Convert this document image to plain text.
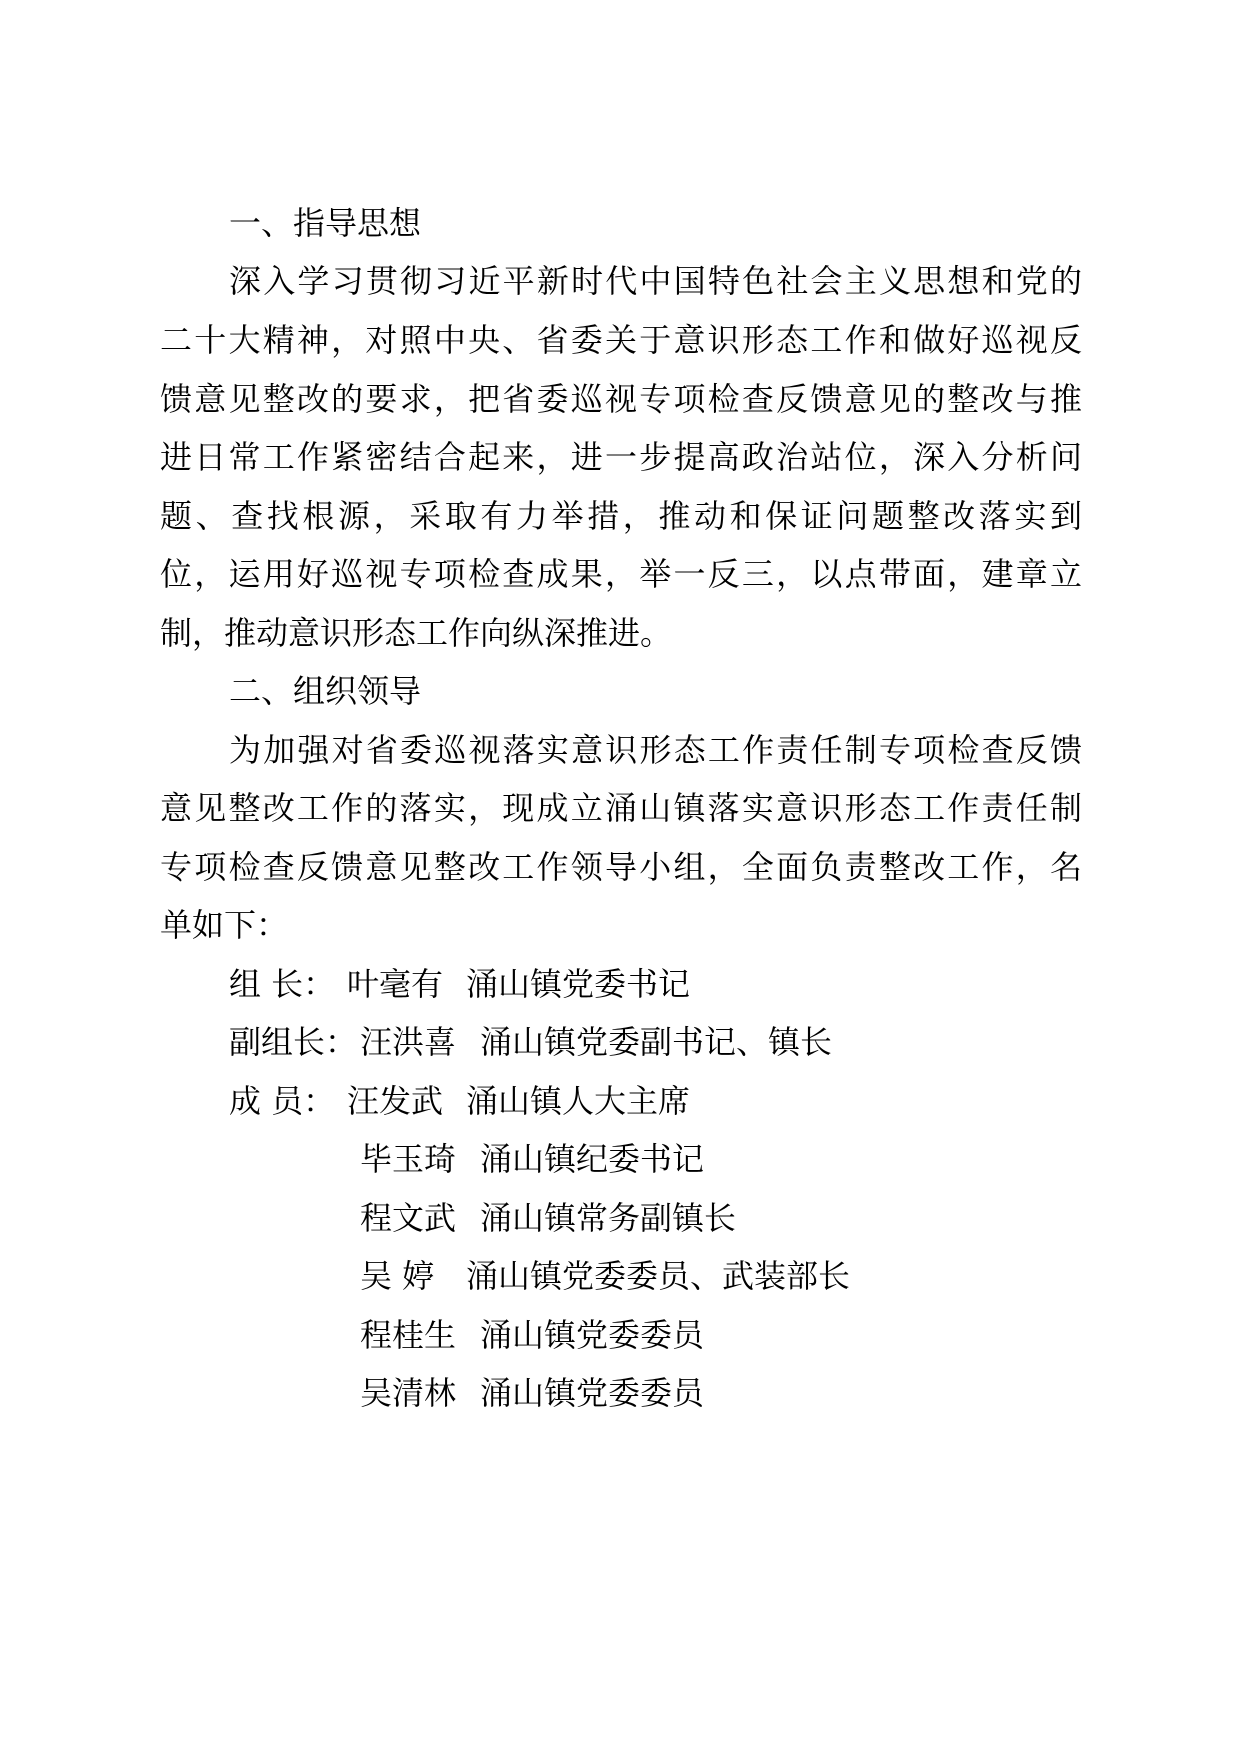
一、指导思想

深入学习贯彻习近平新时代中国特色社会主义思想和党的

二十大精神，对照中央、省委关于意识形态工作和做好巡视反

馈意见整改的要求，把省委巡视专项检查反馈意见的整改与推

进日常工作紧密结合起来，进一步提高政治站位，深入分析问

题、查找根源，采取有力举措，推动和保证问题整改落实到

位，运用好巡视专项检查成果，举一反三，以点带面，建章立

制，推动意识形态工作向纵深推进。

二、组织领导

为加强对省委巡视落实意识形态工作责任制专项检查反馈

意见整改工作的落实，现成立涌山镇落实意识形态工作责任制

专项检查反馈意见整改工作领导小组，全面负责整改工作，名

单如下：

组 长： 叶毫有 涌山镇党委书记
副组长： 汪洪喜 涌山镇党委副书记、镇长
成 员： 汪发武 涌山镇人大主席
毕玉琦 涌山镇纪委书记
程文武 涌山镇常务副镇长
吴 婷 涌山镇党委委员、武装部长
程桂生 涌山镇党委委员
吴清林 涌山镇党委委员
